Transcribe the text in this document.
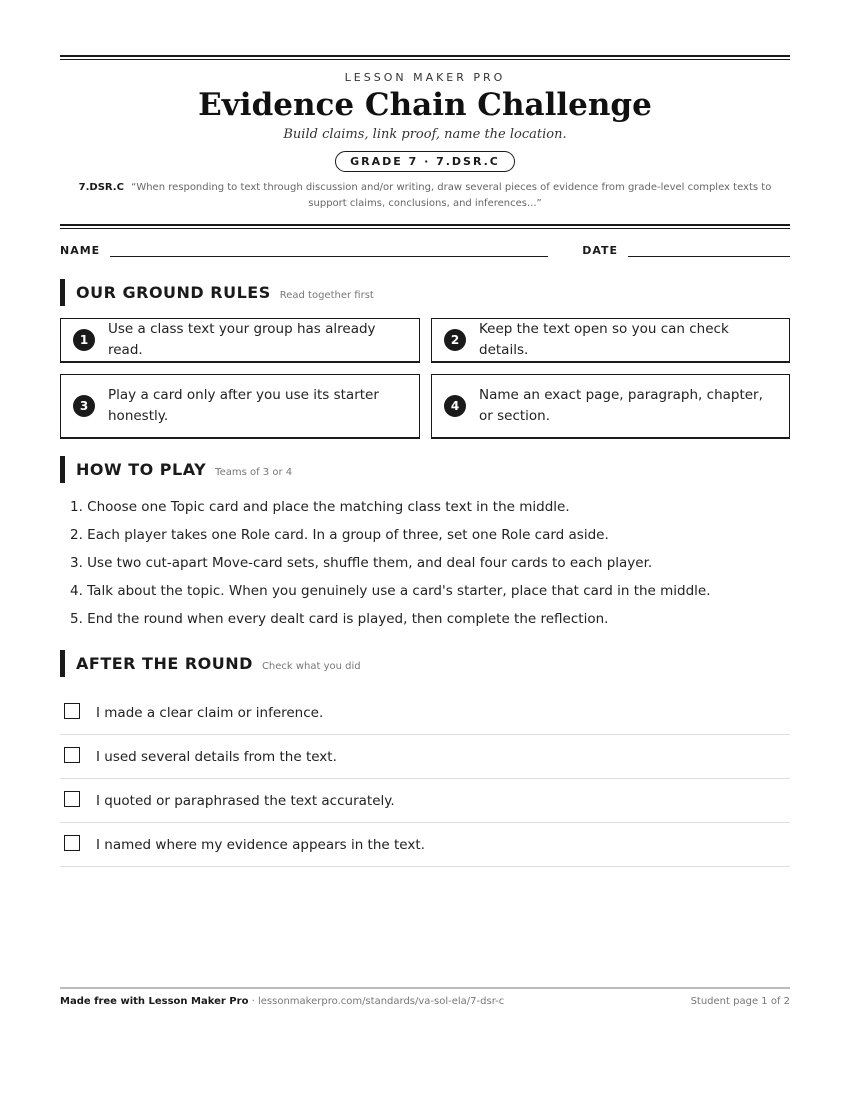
LESSON MAKER PRO
Evidence Chain Challenge
Build claims, link proof, name the location.
GRADE 7 · 7.DSR.C
7.DSR.C “When responding to text through discussion and/or writing, draw several pieces of evidence from grade-level complex texts to support claims, conclusions, and inferences...”
NAME	DATE
OUR GROUND RULES Read together first
1
Use a class text your group has already read.
2
Keep the text open so you can check details.
3
Play a card only after you use its starter honestly.
4
Name an exact page, paragraph, chapter, or section.
HOW TO PLAY Teams of 3 or 4
1. Choose one Topic card and place the matching class text in the middle.
2. Each player takes one Role card. In a group of three, set one Role card aside.
3. Use two cut-apart Move-card sets, shuffle them, and deal four cards to each player.
4. Talk about the topic. When you genuinely use a card's starter, place that card in the middle.
5. End the round when every dealt card is played, then complete the reflection.
AFTER THE ROUND Check what you did
I made a clear claim or inference.
I used several details from the text.
I quoted or paraphrased the text accurately.
I named where my evidence appears in the text.
Made free with Lesson Maker Pro · lessonmakerpro.com/standards/va-sol-ela/7-dsr-c	Student page 1 of 2
